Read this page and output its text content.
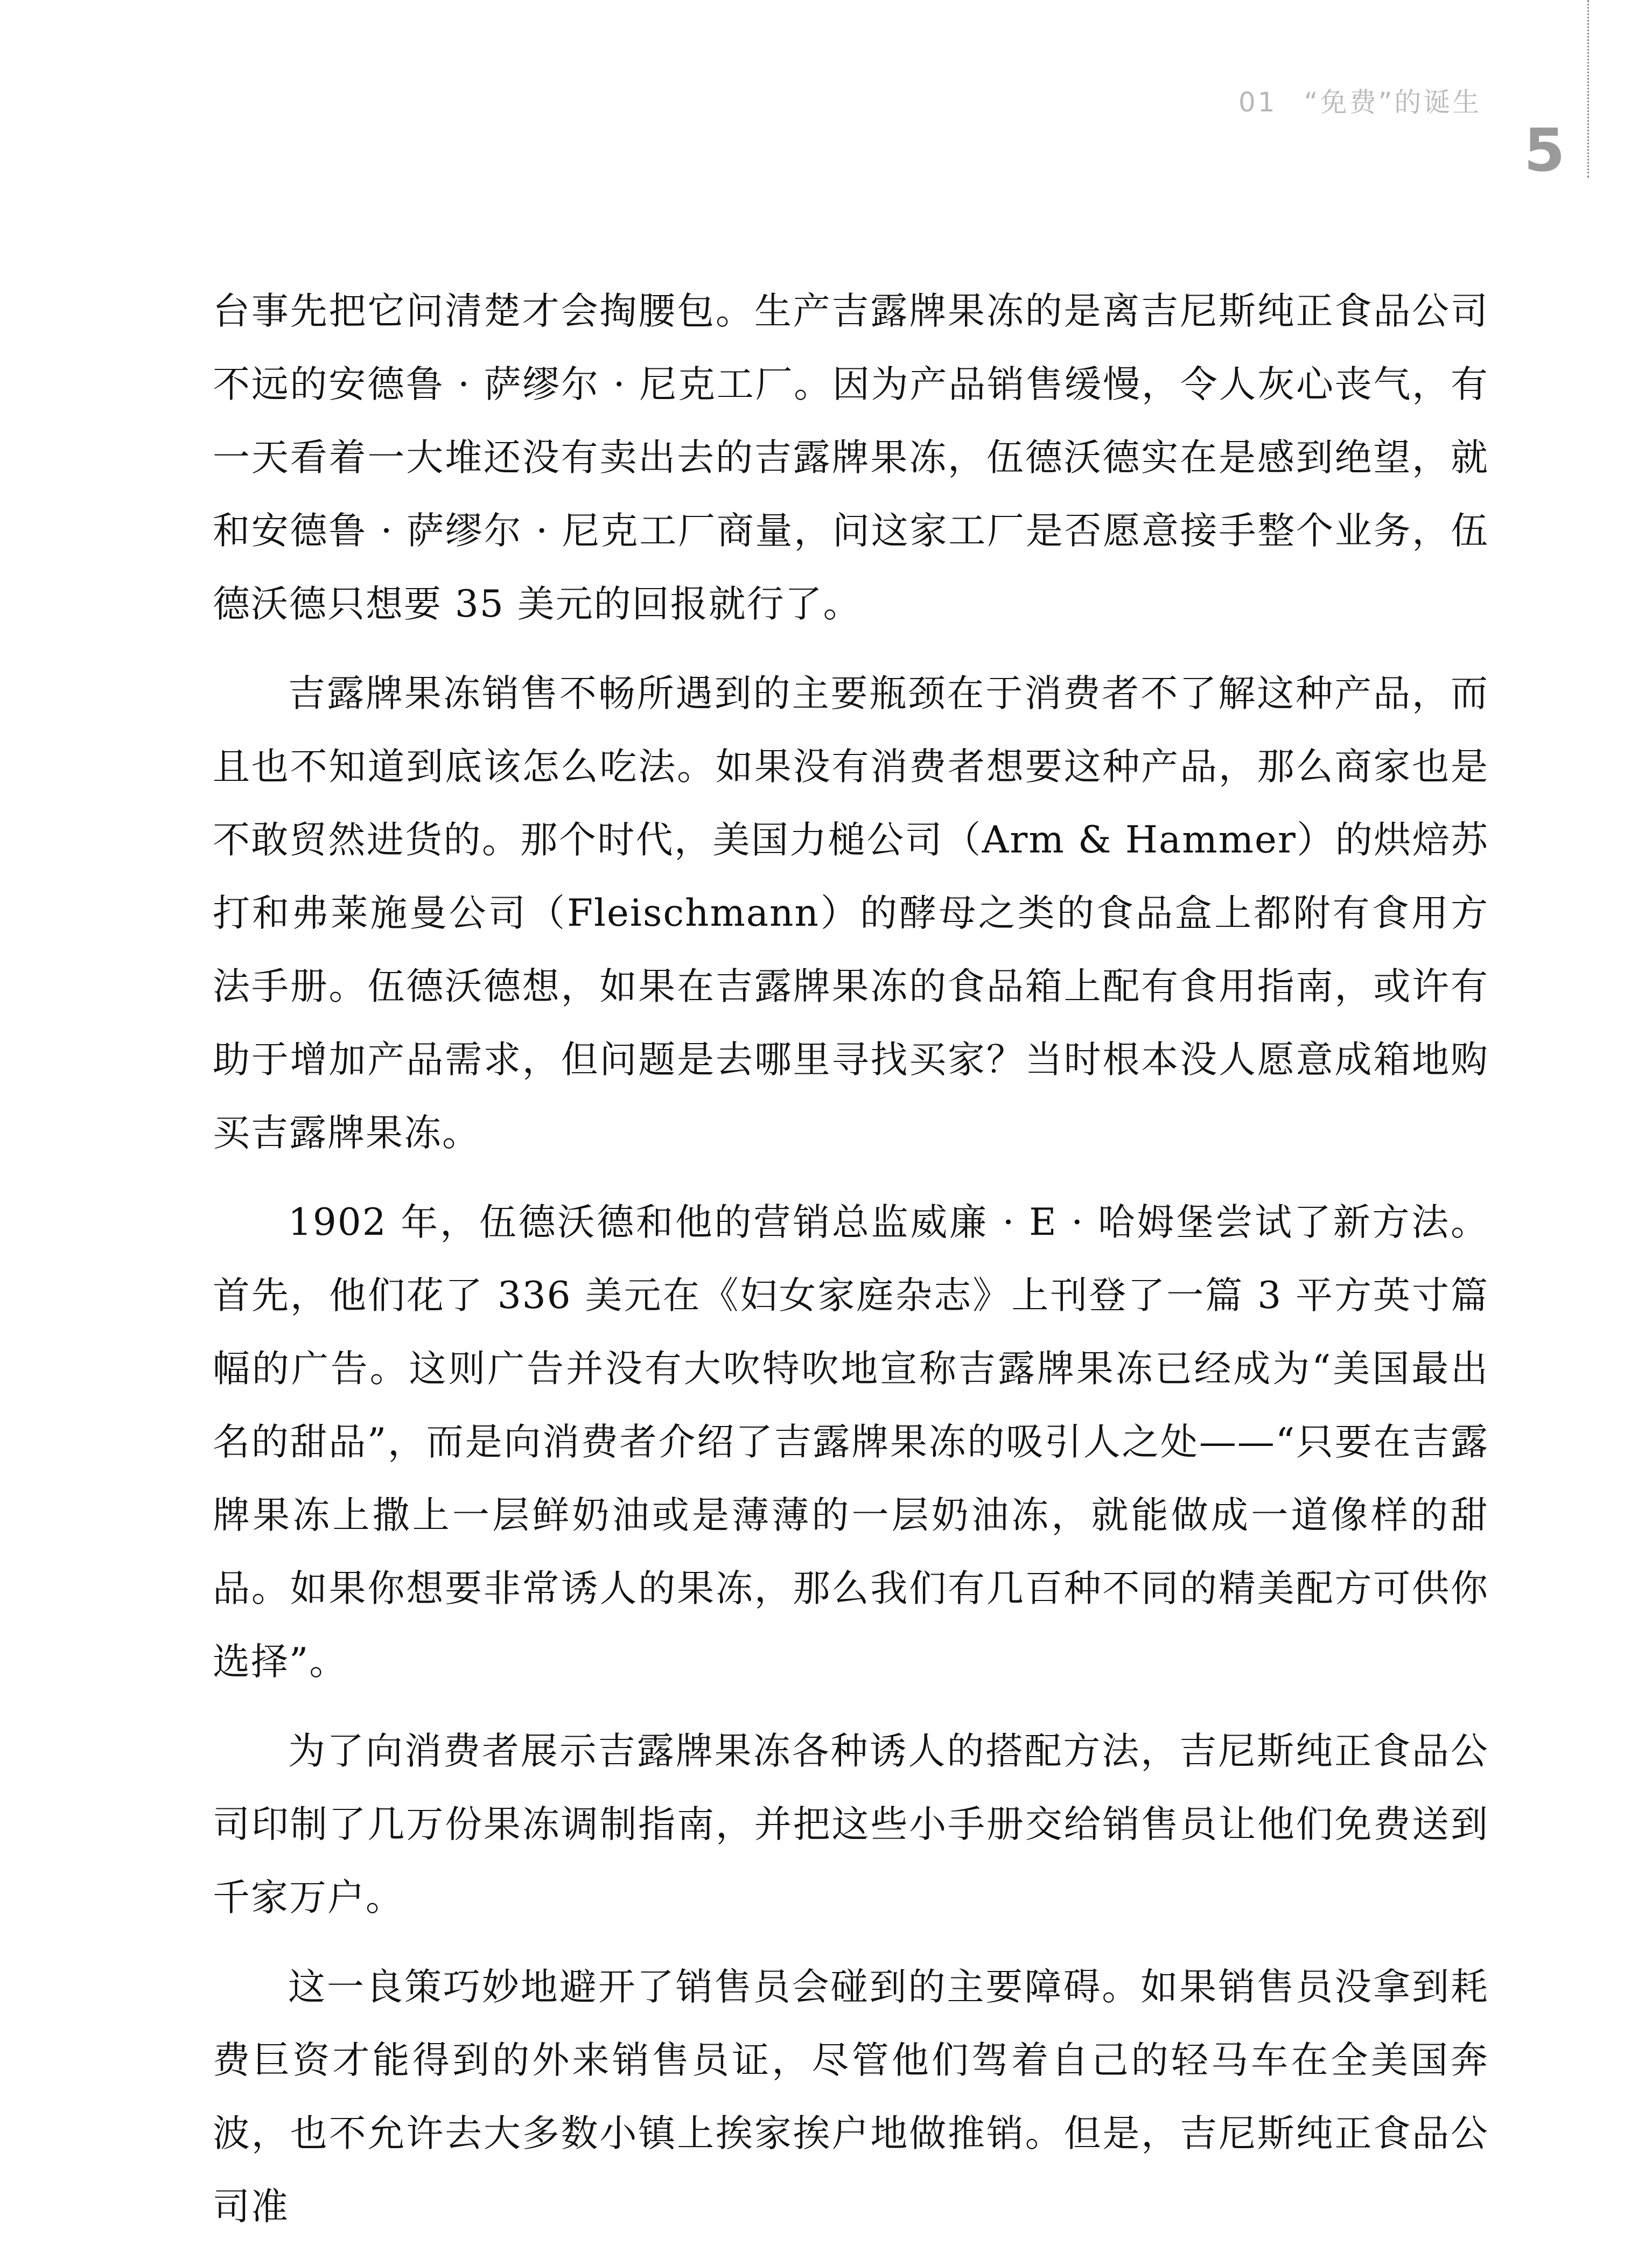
01 “免费”的诞生
5

台事先把它问清楚才会掏腰包。生产吉露牌果冻的是离吉尼斯纯正食品公司不远的安德鲁 · 萨缪尔 · 尼克工厂。因为产品销售缓慢，令人灰心丧气，有一天看着一大堆还没有卖出去的吉露牌果冻，伍德沃德实在是感到绝望，就和安德鲁 · 萨缪尔 · 尼克工厂商量，问这家工厂是否愿意接手整个业务，伍德沃德只想要 35 美元的回报就行了。

吉露牌果冻销售不畅所遇到的主要瓶颈在于消费者不了解这种产品，而且也不知道到底该怎么吃法。如果没有消费者想要这种产品，那么商家也是不敢贸然进货的。那个时代，美国力槌公司（Arm & Hammer）的烘焙苏打和弗莱施曼公司（Fleischmann）的酵母之类的食品盒上都附有食用方法手册。伍德沃德想，如果在吉露牌果冻的食品箱上配有食用指南，或许有助于增加产品需求，但问题是去哪里寻找买家？当时根本没人愿意成箱地购买吉露牌果冻。

1902 年，伍德沃德和他的营销总监威廉 · E · 哈姆堡尝试了新方法。首先，他们花了 336 美元在《妇女家庭杂志》上刊登了一篇 3 平方英寸篇幅的广告。这则广告并没有大吹特吹地宣称吉露牌果冻已经成为“美国最出名的甜品”，而是向消费者介绍了吉露牌果冻的吸引人之处——“只要在吉露牌果冻上撒上一层鲜奶油或是薄薄的一层奶油冻，就能做成一道像样的甜品。如果你想要非常诱人的果冻，那么我们有几百种不同的精美配方可供你选择”。

为了向消费者展示吉露牌果冻各种诱人的搭配方法，吉尼斯纯正食品公司印制了几万份果冻调制指南，并把这些小手册交给销售员让他们免费送到千家万户。

这一良策巧妙地避开了销售员会碰到的主要障碍。如果销售员没拿到耗费巨资才能得到的外来销售员证，尽管他们驾着自己的轻马车在全美国奔波，也不允许去大多数小镇上挨家挨户地做推销。但是，吉尼斯纯正食品公司准
